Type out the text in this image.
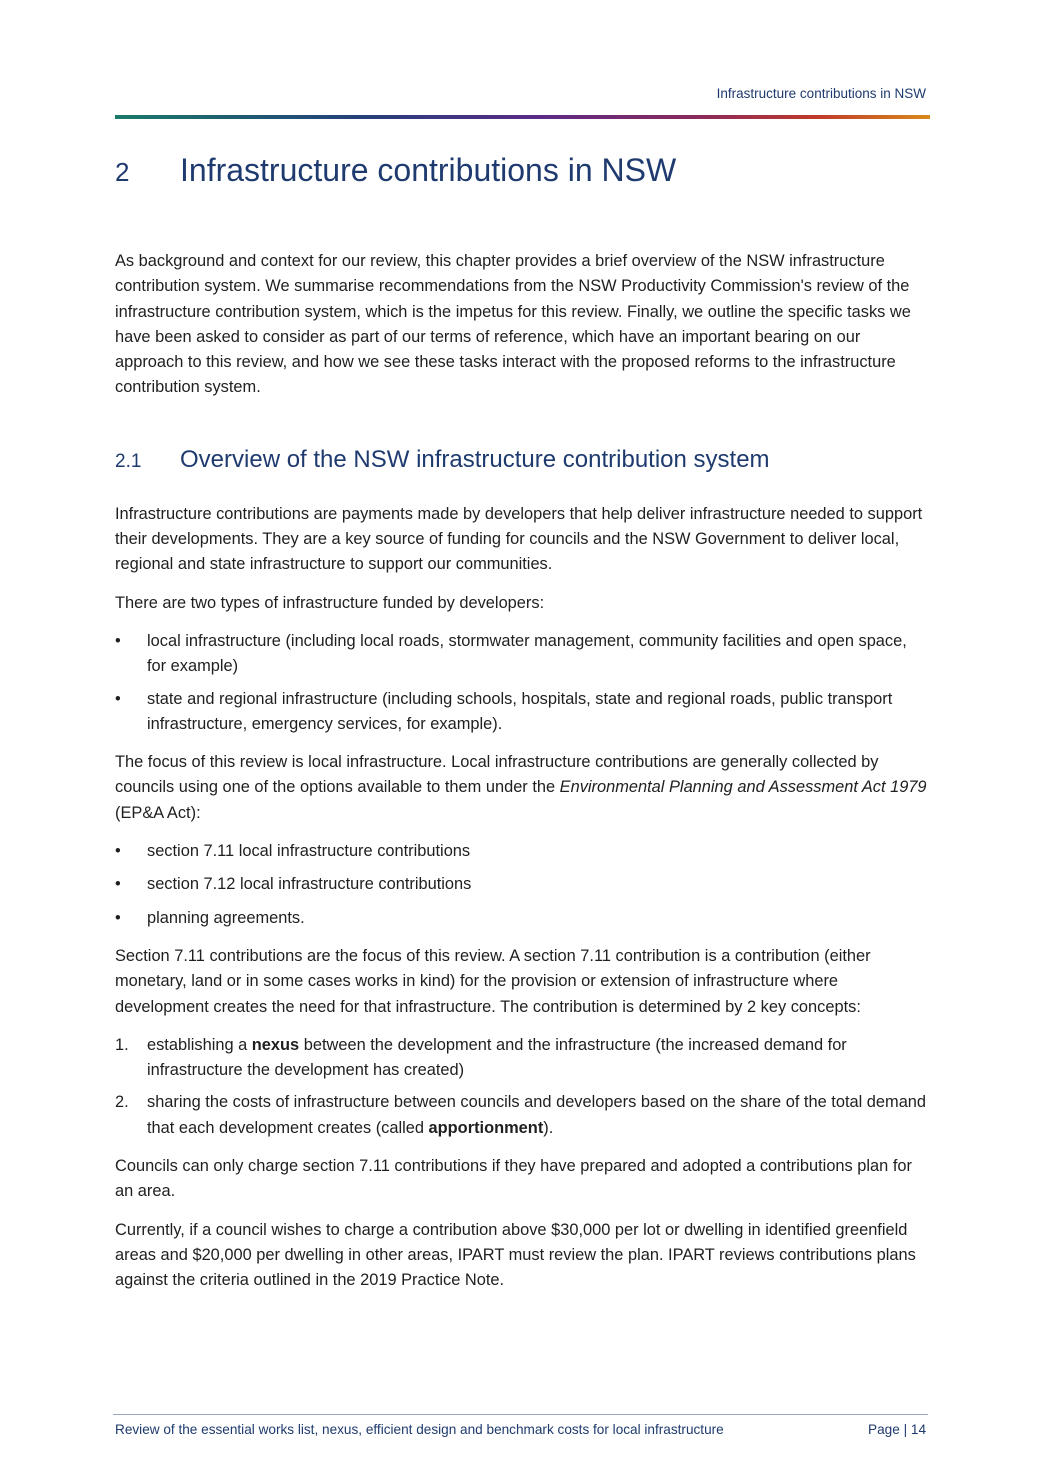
Infrastructure contributions in NSW
2 Infrastructure contributions in NSW

As background and context for our review, this chapter provides a brief overview of the NSW infrastructure contribution system. We summarise recommendations from the NSW Productivity Commission's review of the infrastructure contribution system, which is the impetus for this review. Finally, we outline the specific tasks we have been asked to consider as part of our terms of reference, which have an important bearing on our approach to this review, and how we see these tasks interact with the proposed reforms to the infrastructure contribution system.

2.1 Overview of the NSW infrastructure contribution system

Infrastructure contributions are payments made by developers that help deliver infrastructure needed to support their developments. They are a key source of funding for councils and the NSW Government to deliver local, regional and state infrastructure to support our communities.

There are two types of infrastructure funded by developers:

• local infrastructure (including local roads, stormwater management, community facilities and open space, for example)
• state and regional infrastructure (including schools, hospitals, state and regional roads, public transport infrastructure, emergency services, for example).

The focus of this review is local infrastructure. Local infrastructure contributions are generally collected by councils using one of the options available to them under the Environmental Planning and Assessment Act 1979 (EP&A Act):

• section 7.11 local infrastructure contributions
• section 7.12 local infrastructure contributions
• planning agreements.

Section 7.11 contributions are the focus of this review. A section 7.11 contribution is a contribution (either monetary, land or in some cases works in kind) for the provision or extension of infrastructure where development creates the need for that infrastructure. The contribution is determined by 2 key concepts:

1. establishing a nexus between the development and the infrastructure (the increased demand for infrastructure the development has created)
2. sharing the costs of infrastructure between councils and developers based on the share of the total demand that each development creates (called apportionment).

Councils can only charge section 7.11 contributions if they have prepared and adopted a contributions plan for an area.

Currently, if a council wishes to charge a contribution above $30,000 per lot or dwelling in identified greenfield areas and $20,000 per dwelling in other areas, IPART must review the plan. IPART reviews contributions plans against the criteria outlined in the 2019 Practice Note.

Review of the essential works list, nexus, efficient design and benchmark costs for local infrastructure	Page | 14
